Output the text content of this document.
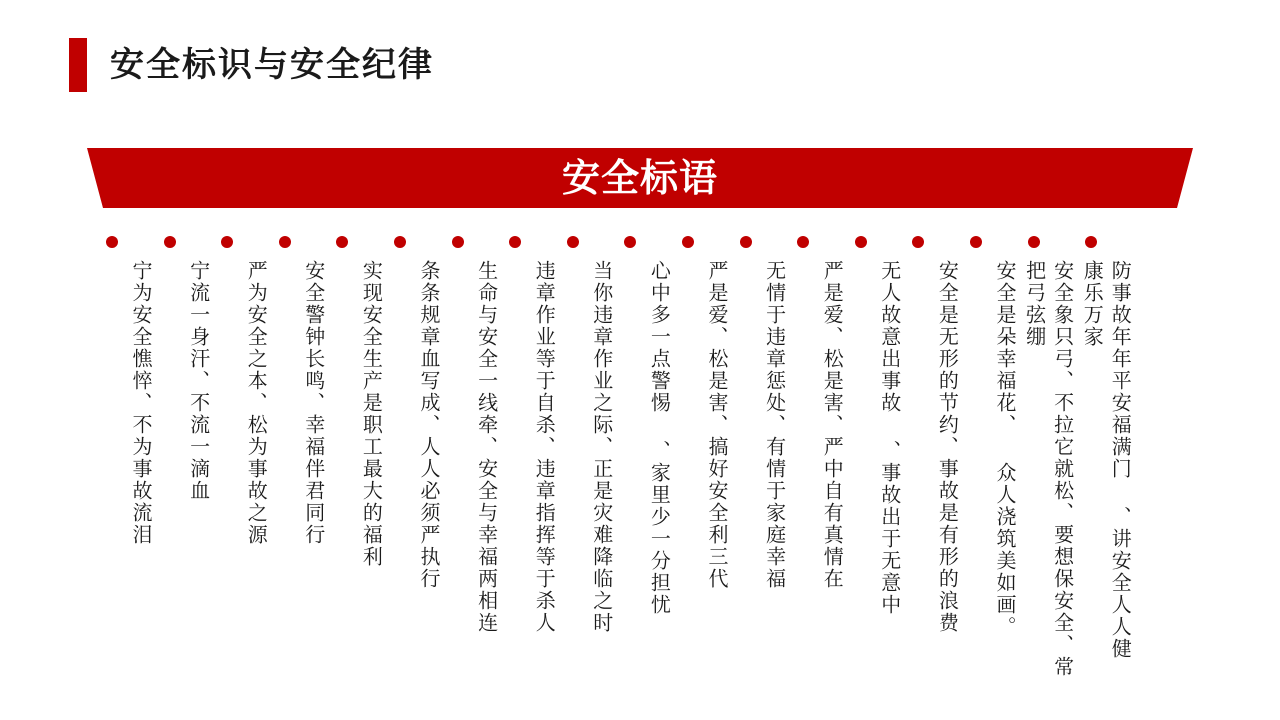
安全标识与安全纪律
安全标语
宁为安全憔悴、不为事故流泪 宁流一身汗、不流一滴血 严为安全之本、松为事故之源 安全警钟长鸣、幸福伴君同行 实现安全生产是职工最大的福利 条条规章血写成、人人必须严执行 生命与安全一线牵、安全与幸福两相连 违章作业等于自杀、违章指挥等于杀人 当你违章作业之际、正是灾难降临之时 心中多一点警惕 、家里少一分担忧 严是爱、松是害、搞好安全利三代 无情于违章惩处、有情于家庭幸福 严是爱、松是害、严中自有真情在 无人故意出事故 、事故出于无意中 安全是无形的节约、事故是有形的浪费 安全是朵幸福花、 众人浇筑美如画。	安全象只弓、不拉它就松、要想保安全、常把弓弦绷	防事故年年平安福满门 、讲安全人人健康乐万家
